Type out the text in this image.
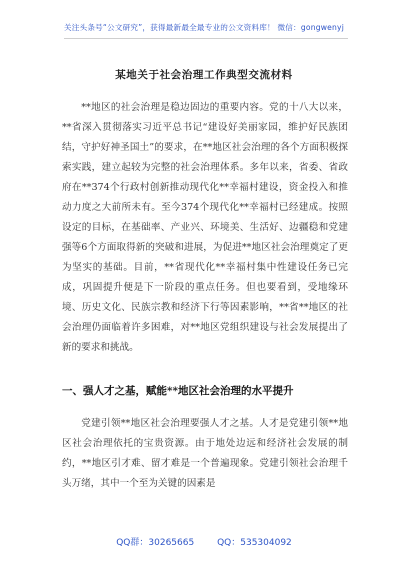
关注头条号“公文研究”，获得最新最全最专业的公文资料库！ 微信：gongwenyj
某地关于社会治理工作典型交流材料
**地区的社会治理是稳边固边的重要内容。党的十八大以来，**省深入贯彻落实习近平总书记“建设好美丽家园，维护好民族团结，守护好神圣国土”的要求，在**地区社会治理的各个方面积极探索实践，建立起较为完整的社会治理体系。多年以来，省委、省政府在**374个行政村创新推动现代化**幸福村建设，资金投入和推动力度之大前所未有。至今374个现代化**幸福村已经建成。按照设定的目标，在基础率、产业兴、环境美、生活好、边疆稳和党建强等6个方面取得新的突破和进展，为促进**地区社会治理奠定了更为坚实的基础。目前，**省现代化**幸福村集中性建设任务已完成，巩固提升便是下一阶段的重点任务。但也要看到，受地缘环境、历史文化、民族宗教和经济下行等因素影响，**省**地区的社会治理仍面临着许多困难，对**地区党组织建设与社会发展提出了新的要求和挑战。
一、强人才之基，赋能**地区社会治理的水平提升
党建引领**地区社会治理要强人才之基。人才是党建引领**地区社会治理依托的宝贵资源。由于地处边远和经济社会发展的制约，**地区引才难、留才难是一个普遍现象。党建引领社会治理千头万绪，其中一个至为关键的因素是
QQ群：30265665	QQ：535304092
